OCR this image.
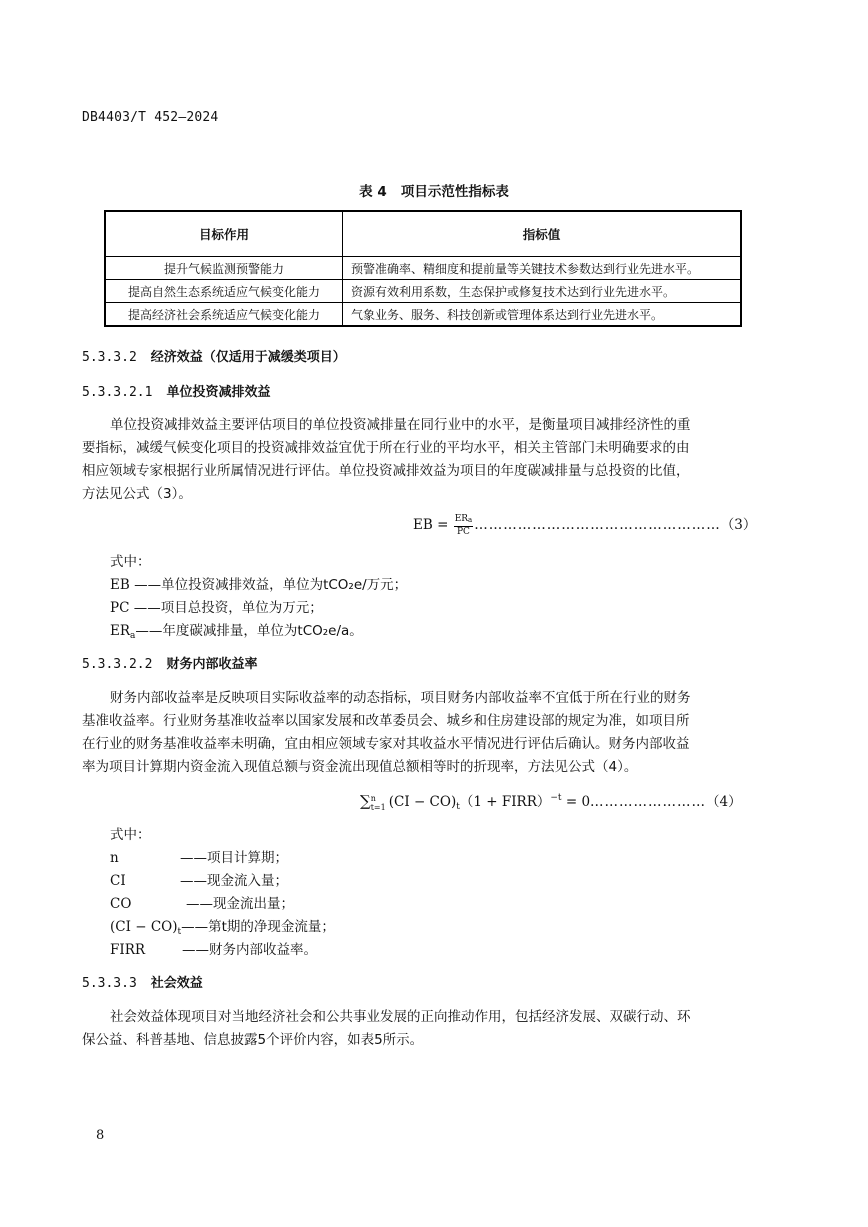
DB4403/T 452—2024
表 4   项目示范性指标表
目标作用	指标值
提升气候监测预警能力	预警准确率、精细度和提前量等关键技术参数达到行业先进水平。
提高自然生态系统适应气候变化能力	资源有效利用系数，生态保护或修复技术达到行业先进水平。
提高经济社会系统适应气候变化能力	气象业务、服务、科技创新或管理体系达到行业先进水平。
5.3.3.2 经济效益（仅适用于减缓类项目）
5.3.3.2.1 单位投资减排效益
单位投资减排效益主要评估项目的单位投资减排量在同行业中的水平，是衡量项目减排经济性的重
要指标，减缓气候变化项目的投资减排效益宜优于所在行业的平均水平，相关主管部门未明确要求的由
相应领域专家根据行业所属情况进行评估。单位投资减排效益为项目的年度碳减排量与总投资的比值，
方法见公式（3）。
EB = $\frac{\text{ERa}}{PC}$ ……………………………………………（3）
式中：
EB ——单位投资减排效益，单位为tCO₂e/万元；
PC ——项目总投资，单位为万元；
$ER_a——$年度碳减排量，单位为tCO₂e/a。
5.3.3.2.2 财务内部收益率
财务内部收益率是反映项目实际收益率的动态指标，项目财务内部收益率不宜低于所在行业的财务
基准收益率。行业财务基准收益率以国家发展和改革委员会、城乡和住房建设部的规定为准，如项目所
在行业的财务基准收益率未明确，宜由相应领域专家对其收益水平情况进行评估后确认。财务内部收益
率为项目计算期内资金流入现值总额与资金流出现值总额相等时的折现率，方法见公式（4）。
∑ n
t=1 $(CI - CO)_t(1$ + FIRR）$^{-t}$ = 0……………………（4）
式中：
n	——项目计算期；
CI	——现金流入量；
CO	——现金流出量；
$(CI - CO)_t——$第t期的净现金流量；
FIRR	——财务内部收益率。
5.3.3.3 社会效益
社会效益体现项目对当地经济社会和公共事业发展的正向推动作用，包括经济发展、双碳行动、环
保公益、科普基地、信息披露5个评价内容，如表5所示。
8
